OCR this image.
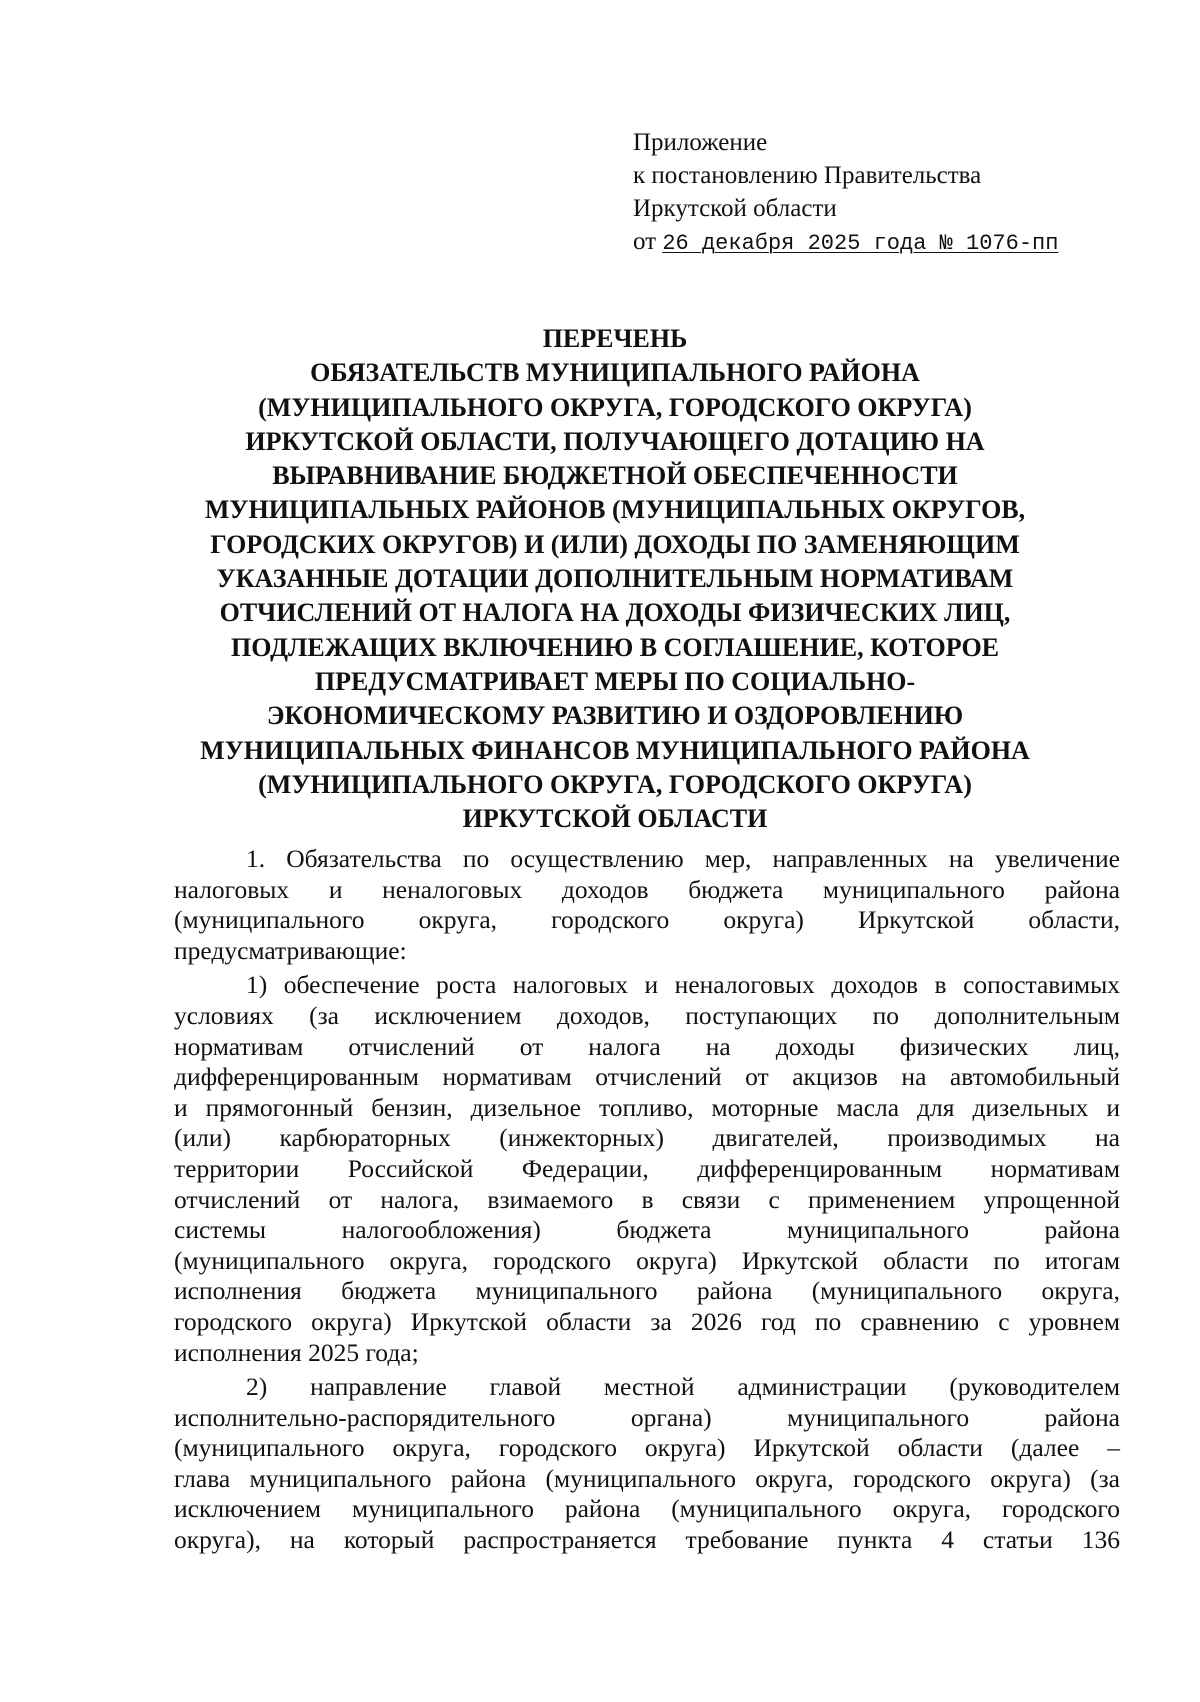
Приложение
к постановлению Правительства
Иркутской области
от 26 декабря 2025 года № 1076-пп
ПЕРЕЧЕНЬ
ОБЯЗАТЕЛЬСТВ МУНИЦИПАЛЬНОГО РАЙОНА
(МУНИЦИПАЛЬНОГО ОКРУГА, ГОРОДСКОГО ОКРУГА)
ИРКУТСКОЙ ОБЛАСТИ, ПОЛУЧАЮЩЕГО ДОТАЦИЮ НА
ВЫРАВНИВАНИЕ БЮДЖЕТНОЙ ОБЕСПЕЧЕННОСТИ
МУНИЦИПАЛЬНЫХ РАЙОНОВ (МУНИЦИПАЛЬНЫХ ОКРУГОВ,
ГОРОДСКИХ ОКРУГОВ) И (ИЛИ) ДОХОДЫ ПО ЗАМЕНЯЮЩИМ
УКАЗАННЫЕ ДОТАЦИИ ДОПОЛНИТЕЛЬНЫМ НОРМАТИВАМ
ОТЧИСЛЕНИЙ ОТ НАЛОГА НА ДОХОДЫ ФИЗИЧЕСКИХ ЛИЦ,
ПОДЛЕЖАЩИХ ВКЛЮЧЕНИЮ В СОГЛАШЕНИЕ, КОТОРОЕ
ПРЕДУСМАТРИВАЕТ МЕРЫ ПО СОЦИАЛЬНО-
ЭКОНОМИЧЕСКОМУ РАЗВИТИЮ И ОЗДОРОВЛЕНИЮ
МУНИЦИПАЛЬНЫХ ФИНАНСОВ МУНИЦИПАЛЬНОГО РАЙОНА
(МУНИЦИПАЛЬНОГО ОКРУГА, ГОРОДСКОГО ОКРУГА)
ИРКУТСКОЙ ОБЛАСТИ
1. Обязательства по осуществлению мер, направленных на увеличение
налоговых и неналоговых доходов бюджета муниципального района
(муниципального округа, городского округа) Иркутской области,
предусматривающие:
1) обеспечение роста налоговых и неналоговых доходов в сопоставимых
условиях (за исключением доходов, поступающих по дополнительным
нормативам отчислений от налога на доходы физических лиц,
дифференцированным нормативам отчислений от акцизов на автомобильный
и прямогонный бензин, дизельное топливо, моторные масла для дизельных и
(или) карбюраторных (инжекторных) двигателей, производимых на
территории Российской Федерации, дифференцированным нормативам
отчислений от налога, взимаемого в связи с применением упрощенной
системы налогообложения) бюджета муниципального района
(муниципального округа, городского округа) Иркутской области по итогам
исполнения бюджета муниципального района (муниципального округа,
городского округа) Иркутской области за 2026 год по сравнению с уровнем
исполнения 2025 года;
2) направление главой местной администрации (руководителем
исполнительно-распорядительного органа) муниципального района
(муниципального округа, городского округа) Иркутской области (далее –
глава муниципального района (муниципального округа, городского округа) (за
исключением муниципального района (муниципального округа, городского
округа), на который распространяется требование пункта 4 статьи 136
